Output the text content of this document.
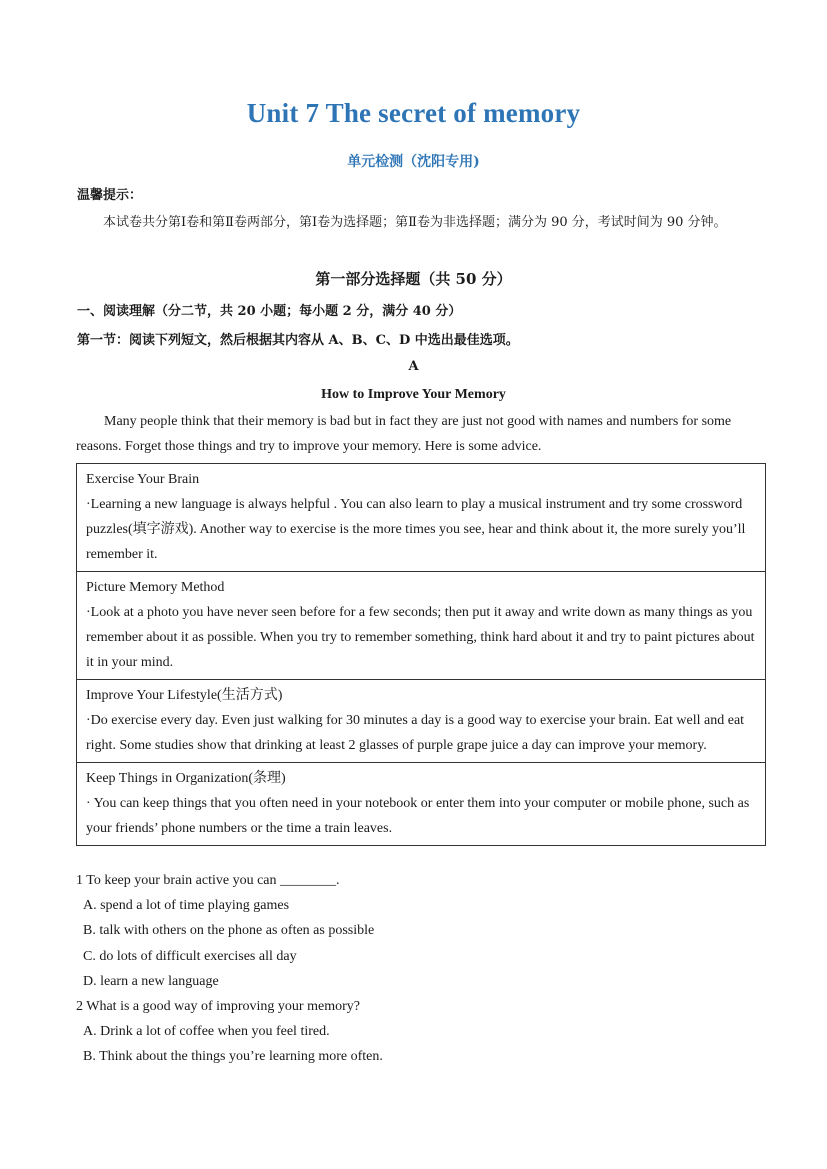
Unit 7 The secret of memory
单元检测（沈阳专用)
温馨提示：
本试卷共分第Ⅰ卷和第Ⅱ卷两部分，第Ⅰ卷为选择题；第Ⅱ卷为非选择题；满分为 90 分，考试时间为 90 分钟。
第一部分选择题（共 50 分）
一、阅读理解（分二节，共 20 小题；每小题 2 分，满分 40 分）
第一节：阅读下列短文，然后根据其内容从 A、B、C、D 中选出最佳选项。
A
How to Improve Your Memory
Many people think that their memory is bad but in fact they are just not good with names and numbers for some reasons. Forget those things and try to improve your memory. Here is some advice.
Exercise Your Brain
·Learning a new language is always helpful . You can also learn to play a musical instrument and try some crossword puzzles(填字游戏). Another way to exercise is the more times you see, hear and think about it, the more surely you’ll remember it.

Picture Memory Method
·Look at a photo you have never seen before for a few seconds; then put it away and write down as many things as you remember about it as possible. When you try to remember something, think hard about it and try to paint pictures about it in your mind.

Improve Your Lifestyle(生活方式)
·Do exercise every day. Even just walking for 30 minutes a day is a good way to exercise your brain. Eat well and eat right. Some studies show that drinking at least 2 glasses of purple grape juice a day can improve your memory.

Keep Things in Organization(条理)
· You can keep things that you often need in your notebook or enter them into your computer or mobile phone, such as your friends’ phone numbers or the time a train leaves.
1 To keep your brain active you can ________.
A. spend a lot of time playing games
B. talk with others on the phone as often as possible
C. do lots of difficult exercises all day
D. learn a new language
2 What is a good way of improving your memory?
A. Drink a lot of coffee when you feel tired.
B. Think about the things you’re learning more often.
